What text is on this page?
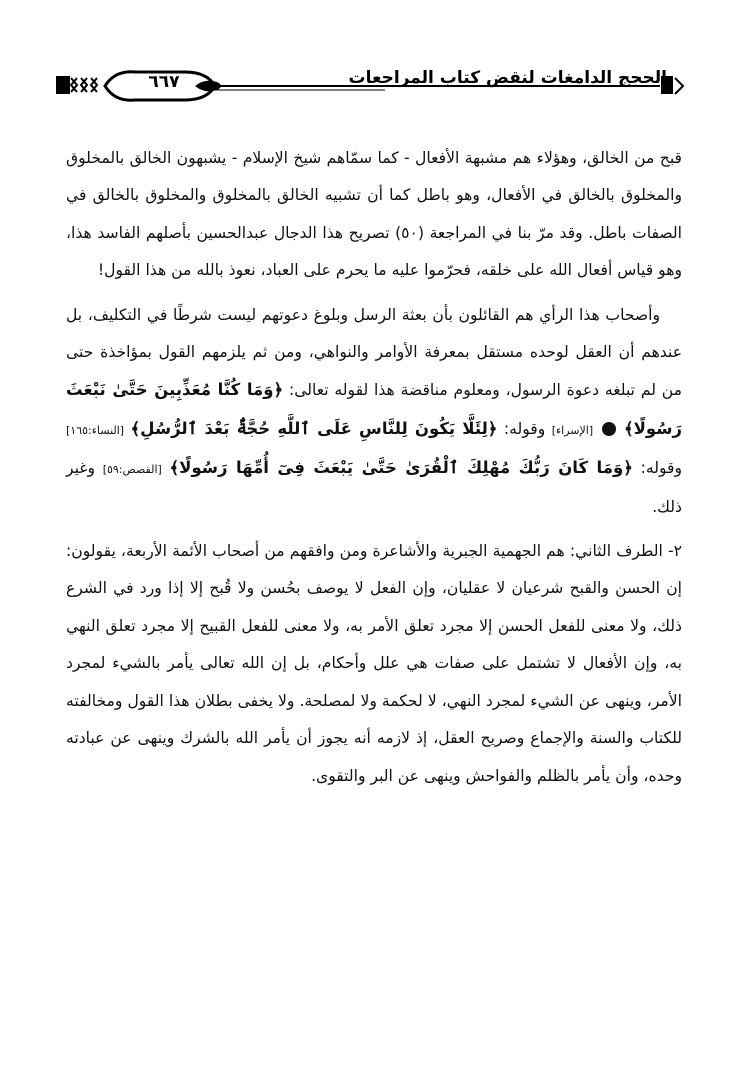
٦٦٧	الحجج الدامغات لنقض كتاب المراجعات

قبح من الخالق، وهؤلاء هم مشبهة الأفعال - كما سمّاهم شيخ الإسلام - يشبهون الخالق بالمخلوق والمخلوق بالخالق في الأفعال، وهو باطل كما أن تشبيه الخالق بالمخلوق والمخلوق بالخالق في الصفات باطل. وقد مرّ بنا في المراجعة (٥٠) تصريح هذا الدجال عبدالحسين بأصلهم الفاسد هذا، وهو قياس أفعال الله على خلقه، فحرّموا عليه ما يحرم على العباد، نعوذ بالله من هذا القول!

وأصحاب هذا الرأي هم القائلون بأن بعثة الرسل وبلوغ دعوتهم ليست شرطًا في التكليف، بل عندهم أن العقل لوحده مستقل بمعرفة الأوامر والنواهي، ومن ثم يلزمهم القول بمؤاخذة حتى من لم تبلغه دعوة الرسول، ومعلوم مناقضة هذا لقوله تعالى: ﴿وَمَا كُنَّا مُعَذِّبِينَ حَتَّىٰ نَبْعَثَ رَسُولًا﴾  [الإسراء] وقوله: ﴿لِئَلَّا يَكُونَ لِلنَّاسِ عَلَى ٱللَّهِ حُجَّةٌۢ بَعْدَ ٱلرُّسُلِ﴾ [النساء:١٦٥] وقوله: ﴿وَمَا كَانَ رَبُّكَ مُهْلِكَ ٱلْقُرَىٰ حَتَّىٰ يَبْعَثَ فِىٓ أُمِّهَا رَسُولًا﴾ [القصص:٥٩] وغير ذلك.

٢- الطرف الثاني: هم الجهمية الجبرية والأشاعرة ومن وافقهم من أصحاب الأئمة الأربعة، يقولون: إن الحسن والقبح شرعيان لا عقليان، وإن الفعل لا يوصف بحُسن ولا قُبح إلا إذا ورد في الشرع ذلك، ولا معنى للفعل الحسن إلا مجرد تعلق الأمر به، ولا معنى للفعل القبيح إلا مجرد تعلق النهي به، وإن الأفعال لا تشتمل على صفات هي علل وأحكام، بل إن الله تعالى يأمر بالشيء لمجرد الأمر، وينهى عن الشيء لمجرد النهي، لا لحكمة ولا لمصلحة. ولا يخفى بطلان هذا القول ومخالفته للكتاب والسنة والإجماع وصريح العقل، إذ لازمه أنه يجوز أن يأمر الله بالشرك وينهى عن عبادته وحده، وأن يأمر بالظلم والفواحش وينهى عن البر والتقوى.
